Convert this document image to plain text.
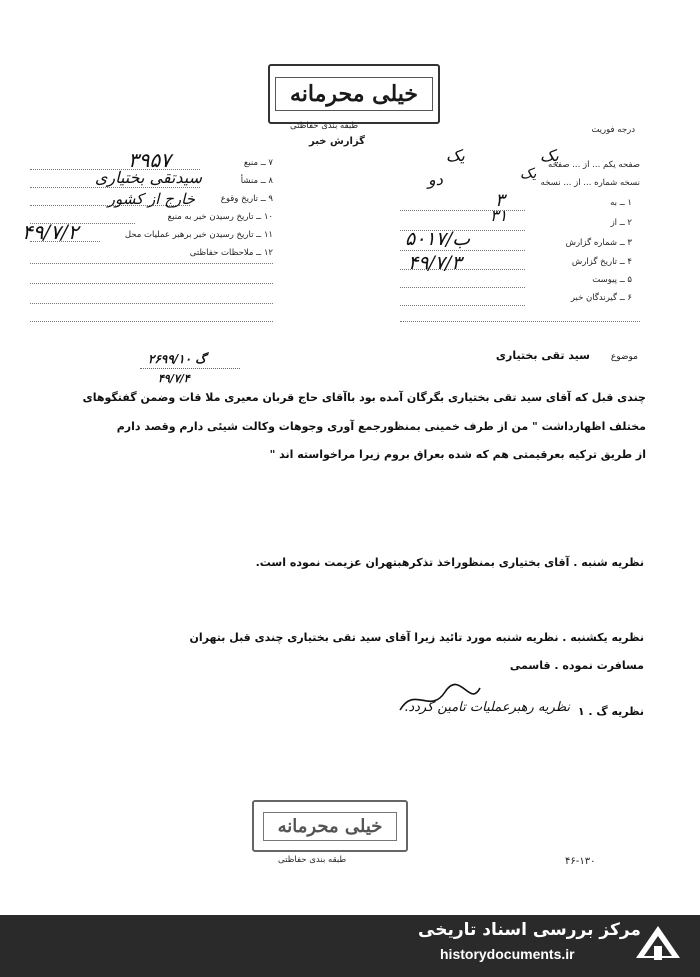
خیلی محرمانه
طبقه بندی حفاظتی	درجه فوریت
گزارش خبر
صفحه یکم ... از ... صفحه
نسخه شماره ... از ... نسخه
۱ ــ به
۲ ــ از
۳ ــ شماره گزارش
۴ ــ تاریخ گزارش
۵ ــ پیوست
۶ ــ گیرندگان خبر
۷ ــ منبع
۸ ــ منشأ
۹ ــ تاریخ وقوع
۱۰ ــ تاریخ رسیدن خبر به منبع
۱۱ ــ تاریخ رسیدن خبر برهبر عملیات محل
۱۲ ــ ملاحظات حفاظتی
۳۹۵۷
سیدتقی بختیاری
خارج از کشور
۴۹/۷/۲
یک
یک
یک
دو
۳
۳۱
۵۰۱۷/ب
۴۹/۷/۳
۲۶۹۹/۱۰ گ
۴۹/۷/۴
موضوع
سید تقی بختیاری
چندی قبل که آقای سید تقی بختیاری بگرگان آمده بود باآقای حاج قربان معیری ملا قات وضمن گفتگوهای
مختلف اظهارداشت " من از طرف خمینی بمنظورجمع آوری وجوهات وکالت شیئی دارم وقصد دارم
از طریق ترکیه بعرقیمتی هم که شده بعراق بروم زیرا مراخواسته اند "
نظریه شنبه . آقای بختیاری بمنظوراخذ تذکرهبتهران عزیمت نموده است.
نظریه یکشنبه . نظریه شنبه مورد تائید زیرا آقای سید تقی بختیاری چندی قبل بتهران
مسافرت نموده . قاسمی
نظریه گ . ۱
نظریه رهبرعملیات تامین گردد.
خیلی محرمانه
طبقه بندی حفاظتی	۴۶-۱۳۰
مرکز بررسی اسناد تاریخی
historydocuments.ir
